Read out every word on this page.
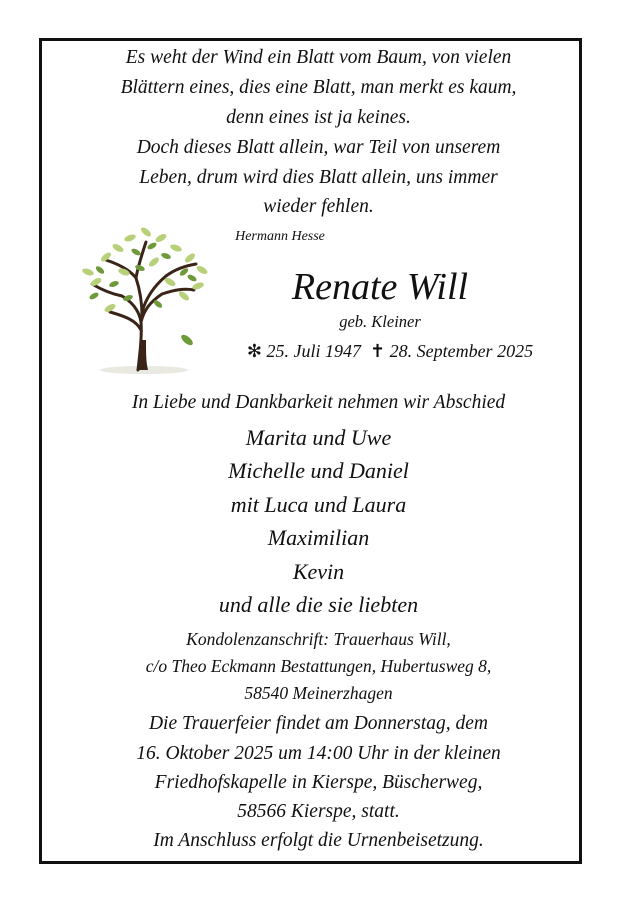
Es weht der Wind ein Blatt vom Baum, von vielen
Blättern eines, dies eine Blatt, man merkt es kaum,
denn eines ist ja keines.
Doch dieses Blatt allein, war Teil von unserem
Leben, drum wird dies Blatt allein, uns immer
wieder fehlen.
Hermann Hesse
Renate Will
geb. Kleiner
✻ 25. Juli 1947 ✝ 28. September 2025
In Liebe und Dankbarkeit nehmen wir Abschied
Marita und Uwe
Michelle und Daniel
mit Luca und Laura
Maximilian
Kevin
und alle die sie liebten
Kondolenzanschrift: Trauerhaus Will,
c/o Theo Eckmann Bestattungen, Hubertusweg 8,
58540 Meinerzhagen
Die Trauerfeier findet am Donnerstag, dem
16. Oktober 2025 um 14:00 Uhr in der kleinen
Friedhofskapelle in Kierspe, Büscherweg,
58566 Kierspe, statt.
Im Anschluss erfolgt die Urnenbeisetzung.
